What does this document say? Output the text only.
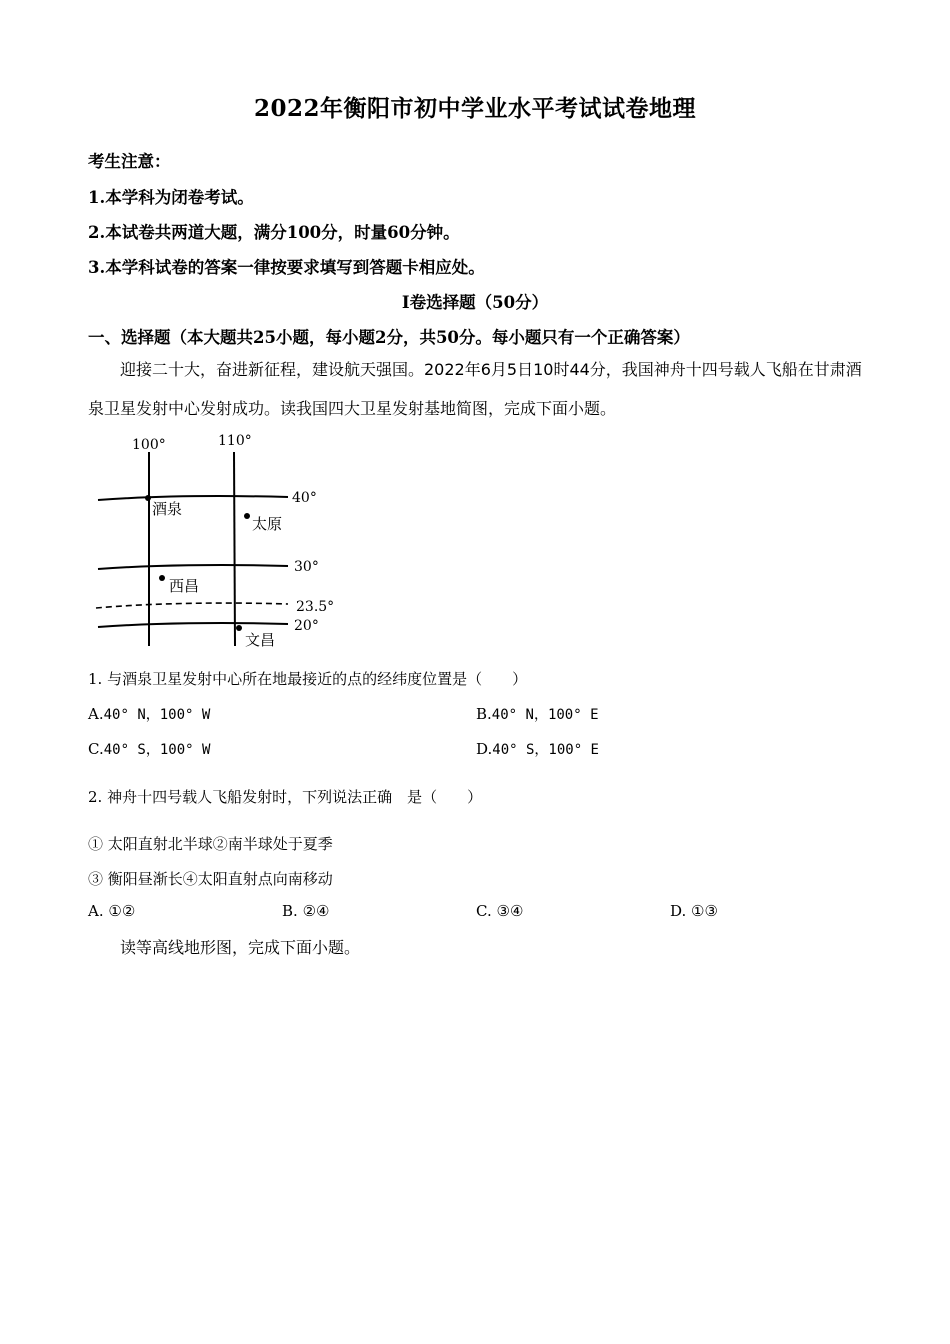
2022年衡阳市初中学业水平考试试卷地理
考生注意：
1.本学科为闭卷考试。
2.本试卷共两道大题，满分100分，时量60分钟。
3.本学科试卷的答案一律按要求填写到答题卡相应处。
Ⅰ卷选择题（50分）
一、选择题（本大题共25小题，每小题2分，共50分。每小题只有一个正确答案）
迎接二十大，奋进新征程，建设航天强国。2022年6月5日10时44分，我国神舟十四号载人飞船在甘肃酒泉卫星发射中心发射成功。读我国四大卫星发射基地简图，完成下面小题。
100°	110°
40°
30°
23.5°
20°
酒泉
太原
西昌
文昌
1. 与酒泉卫星发射中心所在地最接近的点的经纬度位置是（　　）
A.40° N，100° W	B.40° N，100° E
C.40° S，100° W	D.40° S，100° E
2. 神舟十四号载人飞船发射时，下列说法正确　是（　　）
① 太阳直射北半球②南半球处于夏季
③ 衡阳昼渐长④太阳直射点向南移动
A. ①②	B. ②④	C. ③④	D. ①③
读等高线地形图，完成下面小题。
